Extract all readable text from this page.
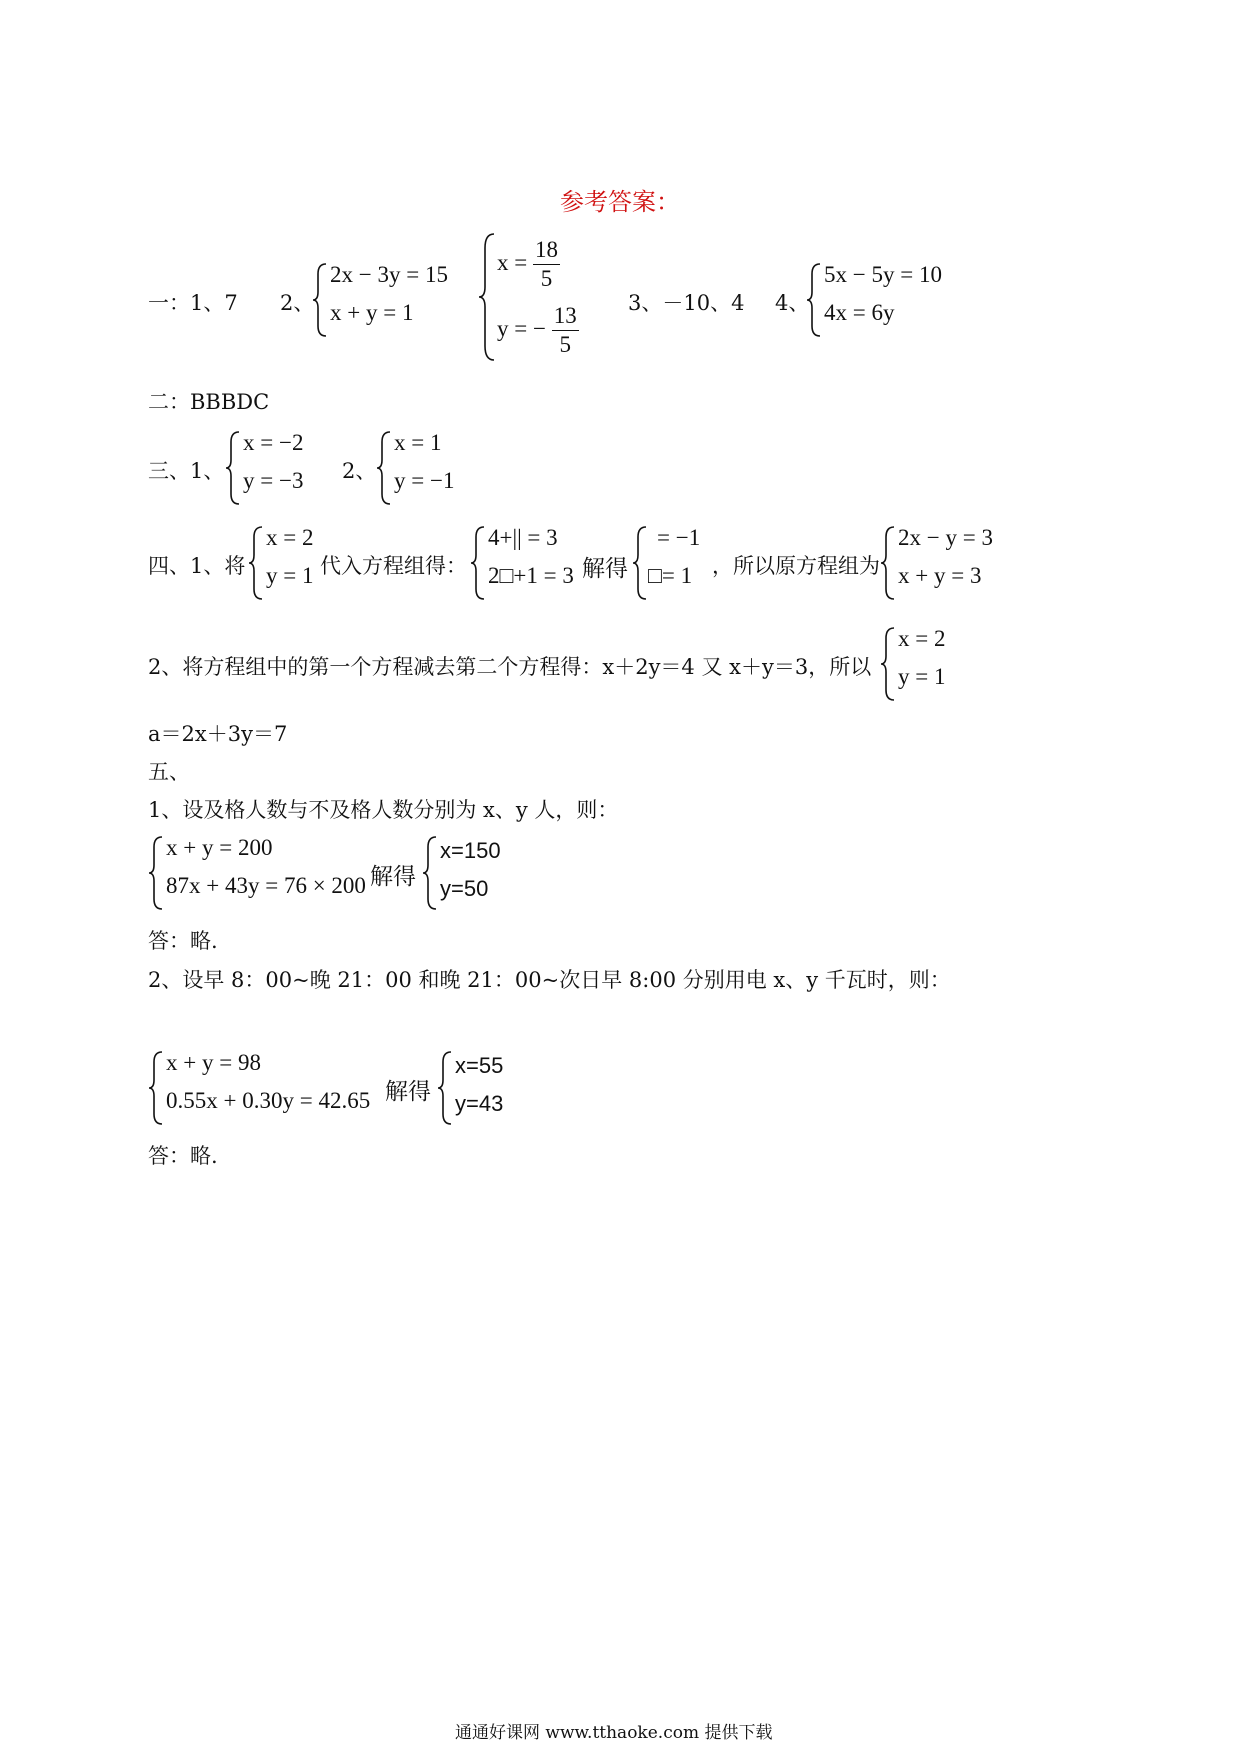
参考答案：
一：1、7 2、
2x − 3y = 15
x + y = 1
$x = \frac{18}{5}$
y = − $\frac{13}{5} 3$、－10、4 4、
5x − 5y = 10
4x = 6y
二：BBBDC
三、1、
x = −2
y = −3 2、
x = 1
y = −1
四、1、将
x = 2
y = 1 代入方程组得：
4+|| = 3
2□+1 = 3 解得
= −1
□= 1 ，所以原方程组为
2x − y = 3
x + y = 3
2、将方程组中的第一个方程减去第二个方程得：x＋2y＝4 又 x＋y＝3，所以
x = 2
y = 1
a＝2x＋3y＝7
五、
1、设及格人数与不及格人数分别为 x、y 人，则：
x + y = 200
87x + 43y = 76 × 200 解得
x=150
y=50
答：略.
2、设早 8：00~晚 21：00 和晚 21：00~次日早 8:00 分别用电 x、y 千瓦时，则：
x + y = 98
0.55x + 0.30y = 42.65 解得
x=55
y=43
答：略.
通通好课网 www.tthaoke.com 提供下载
